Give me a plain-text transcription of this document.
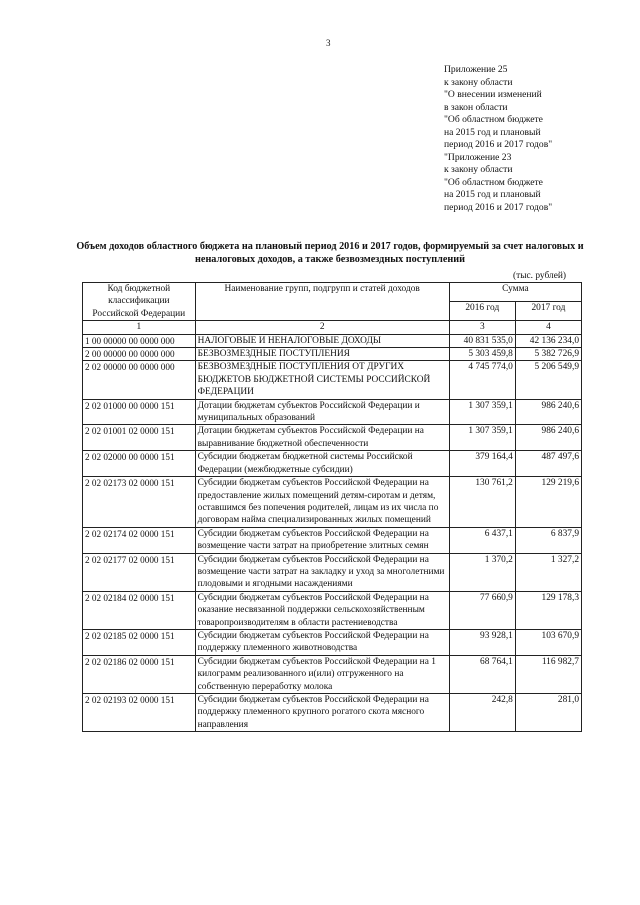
3
Приложение 25
к закону области
"О внесении изменений
в закон области
"Об областном бюджете
на 2015 год и плановый
период 2016 и 2017 годов"
"Приложение 23
к закону области
"Об областном бюджете
на 2015 год и плановый
период 2016 и 2017 годов"
Объем доходов областного бюджета на плановый период 2016 и 2017 годов, формируемый за счет налоговых и неналоговых доходов, а также безвозмездных поступлений
(тыс. рублей)
Код бюджетной классификации Российской Федерации	Наименование групп, подгрупп и статей доходов	Сумма	
		2016 год	2017 год
1	2	3	4
1 00 00000 00 0000 000	НАЛОГОВЫЕ И НЕНАЛОГОВЫЕ ДОХОДЫ	40 831 535,0	42 136 234,0
2 00 00000 00 0000 000	БЕЗВОЗМЕЗДНЫЕ ПОСТУПЛЕНИЯ	5 303 459,8	5 382 726,9
2 02 00000 00 0000 000	БЕЗВОЗМЕЗДНЫЕ ПОСТУПЛЕНИЯ ОТ ДРУГИХ БЮДЖЕТОВ БЮДЖЕТНОЙ СИСТЕМЫ РОССИЙСКОЙ ФЕДЕРАЦИИ	4 745 774,0	5 206 549,9
2 02 01000 00 0000 151	Дотации бюджетам субъектов Российской Федерации и муниципальных образований	1 307 359,1	986 240,6
2 02 01001 02 0000 151	Дотации бюджетам субъектов Российской Федерации на выравнивание бюджетной обеспеченности	1 307 359,1	986 240,6
2 02 02000 00 0000 151	Субсидии бюджетам бюджетной системы Российской Федерации (межбюджетные субсидии)	379 164,4	487 497,6
2 02 02173 02 0000 151	Субсидии бюджетам субъектов Российской Федерации на предоставление жилых помещений детям-сиротам и детям, оставшимся без попечения родителей, лицам из их числа по договорам найма специализированных жилых помещений	130 761,2	129 219,6
2 02 02174 02 0000 151	Субсидии бюджетам субъектов Российской Федерации на возмещение части затрат на приобретение элитных семян	6 437,1	6 837,9
2 02 02177 02 0000 151	Субсидии бюджетам субъектов Российской Федерации на возмещение части затрат на закладку и уход за многолетними плодовыми и ягодными насаждениями	1 370,2	1 327,2
2 02 02184 02 0000 151	Субсидии бюджетам субъектов Российской Федерации на оказание несвязанной поддержки сельскохозяйственным товаропроизводителям в области растениеводства	77 660,9	129 178,3
2 02 02185 02 0000 151	Субсидии бюджетам субъектов Российской Федерации на поддержку племенного животноводства	93 928,1	103 670,9
2 02 02186 02 0000 151	Субсидии бюджетам субъектов Российской Федерации на 1 килограмм реализованного и(или) отгруженного на собственную переработку молока	68 764,1	116 982,7
2 02 02193 02 0000 151	Субсидии бюджетам субъектов Российской Федерации на поддержку племенного крупного рогатого скота мясного направления	242,8	281,0
